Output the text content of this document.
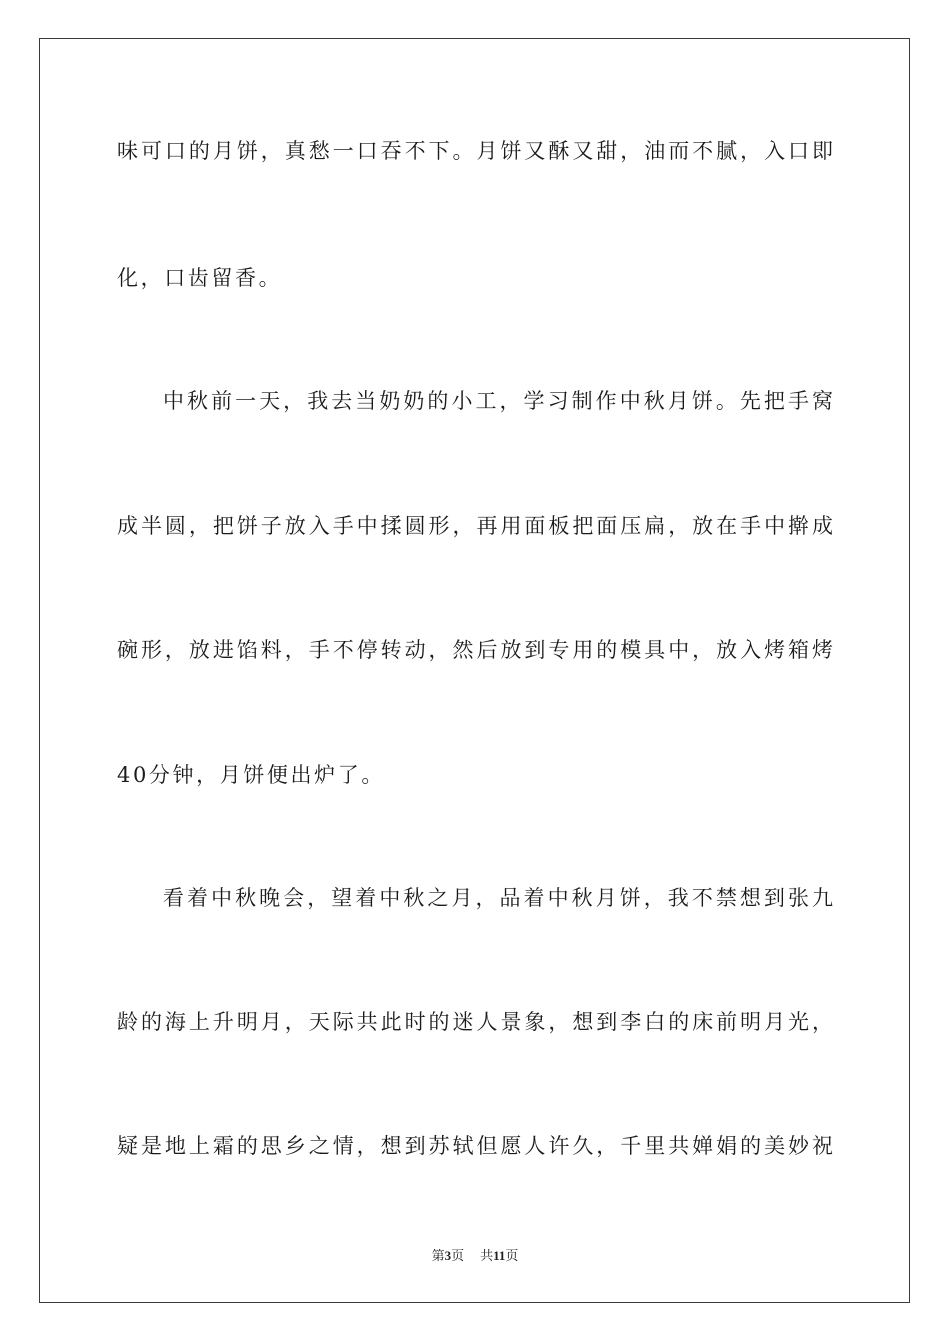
味可口的月饼，真愁一口吞不下。月饼又酥又甜，油而不腻，入口即
化，口齿留香。
中秋前一天，我去当奶奶的小工，学习制作中秋月饼。先把手窝
成半圆，把饼子放入手中揉圆形，再用面板把面压扁，放在手中擀成
碗形，放进馅料，手不停转动，然后放到专用的模具中，放入烤箱烤
40分钟，月饼便出炉了。
看着中秋晚会，望着中秋之月，品着中秋月饼，我不禁想到张九
龄的海上升明月，天际共此时的迷人景象，想到李白的床前明月光，
疑是地上霜的思乡之情，想到苏轼但愿人许久，千里共婵娟的美妙祝
第3页 共11页
